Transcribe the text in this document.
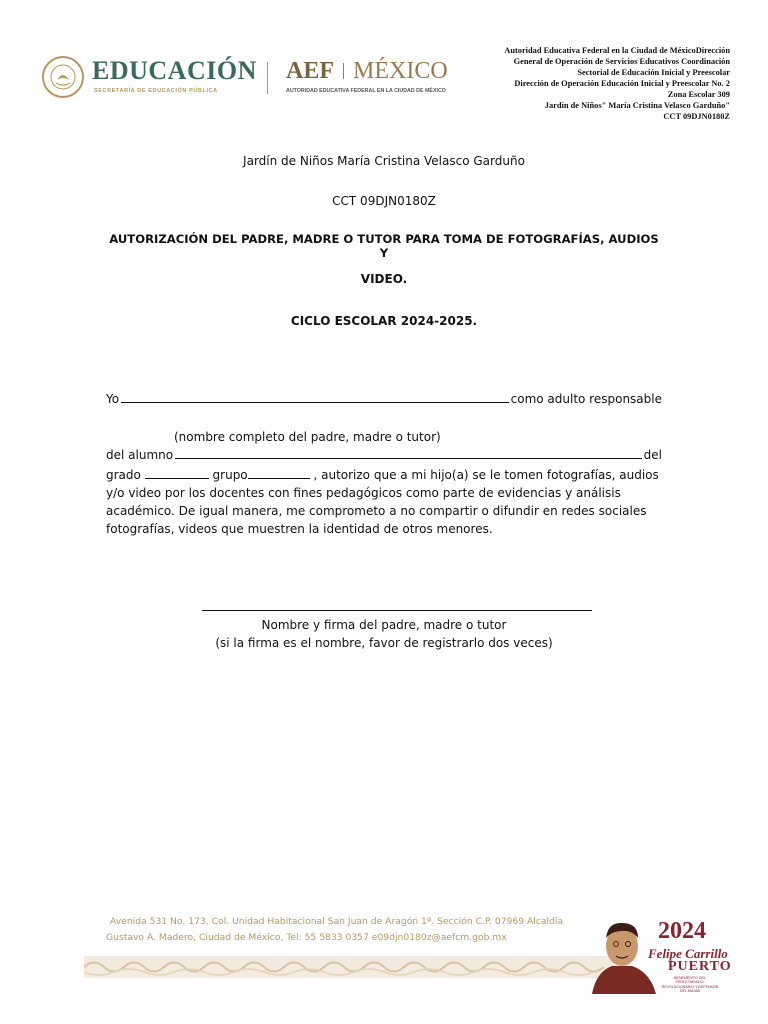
EDUCACIÓN
SECRETARÍA DE EDUCACIÓN PÚBLICA
AEF MÉXICO
AUTORIDAD EDUCATIVA FEDERAL EN LA CIUDAD DE MÉXICO
Autoridad Educativa Federal en la Ciudad de MéxicoDirección
General de Operación de Servicios Educativos Coordinación
Sectorial de Educación Inicial y Preescolar
Dirección de Operación Educación Inicial y Preescolar No. 2
Zona Escolar 309
Jardín de Niños" María Cristina Velasco Garduño"
CCT 09DJN0180Z
Jardín de Niños María Cristina Velasco Garduño
CCT 09DJN0180Z
AUTORIZACIÓN DEL PADRE, MADRE O TUTOR PARA TOMA DE FOTOGRAFÍAS, AUDIOS Y
VIDEO.
CICLO ESCOLAR 2024-2025.
Yo	como adulto responsable
(nombre completo del padre, madre o tutor)
del alumno	del
grado	grupo	, autorizo que a mi hijo(a) se le tomen fotografías, audios y/o video por los docentes con fines pedagógicos como parte de evidencias y análisis académico. De igual manera, me comprometo a no compartir o difundir en redes sociales fotografías, videos que muestren la identidad de otros menores.
Nombre y firma del padre, madre o tutor
(si la firma es el nombre, favor de registrarlo dos veces)
Avenida 531 No. 173, Col. Unidad Habitacional San Juan de Aragón 1ª. Sección C.P. 07969 Alcaldía
Gustavo A. Madero, Ciudad de México, Tel: 55 5833 0357 e09djn0180z@aefcm.gob.mx	2024
Felipe Carrillo
PUERTO
BENEMÉRITO DEL PROLETARIADO, REVOLUCIONARIO Y DEFENSOR DEL MAYAB
